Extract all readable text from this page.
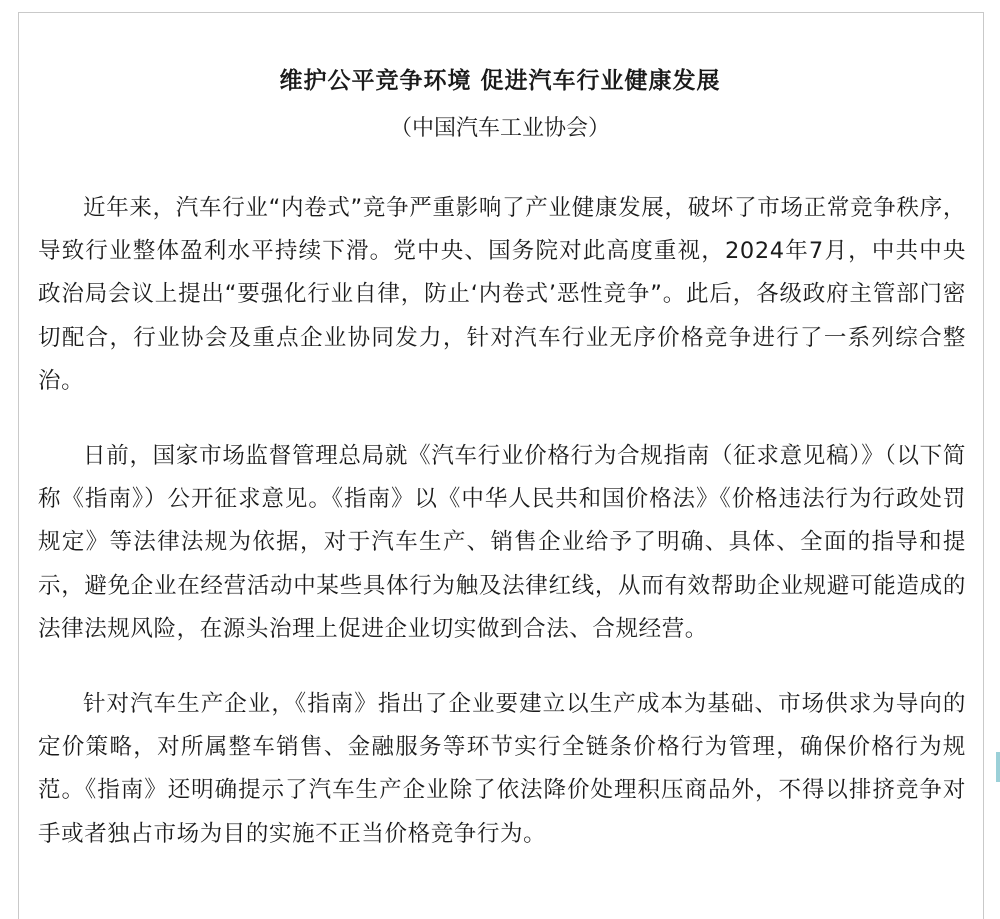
维护公平竞争环境 促进汽车行业健康发展
（中国汽车工业协会）

近年来，汽车行业“内卷式”竞争严重影响了产业健康发展，破坏了市场正常竞争秩序，导致行业整体盈利水平持续下滑。党中央、国务院对此高度重视，2024年7月，中共中央政治局会议上提出“要强化行业自律，防止‘内卷式’恶性竞争”。此后，各级政府主管部门密切配合，行业协会及重点企业协同发力，针对汽车行业无序价格竞争进行了一系列综合整治。

日前，国家市场监督管理总局就《汽车行业价格行为合规指南（征求意见稿）》（以下简称《指南》）公开征求意见。《指南》以《中华人民共和国价格法》《价格违法行为行政处罚规定》等法律法规为依据，对于汽车生产、销售企业给予了明确、具体、全面的指导和提示，避免企业在经营活动中某些具体行为触及法律红线，从而有效帮助企业规避可能造成的法律法规风险，在源头治理上促进企业切实做到合法、合规经营。

针对汽车生产企业，《指南》指出了企业要建立以生产成本为基础、市场供求为导向的定价策略，对所属整车销售、金融服务等环节实行全链条价格行为管理，确保价格行为规范。《指南》还明确提示了汽车生产企业除了依法降价处理积压商品外，不得以排挤竞争对手或者独占市场为目的实施不正当价格竞争行为。
